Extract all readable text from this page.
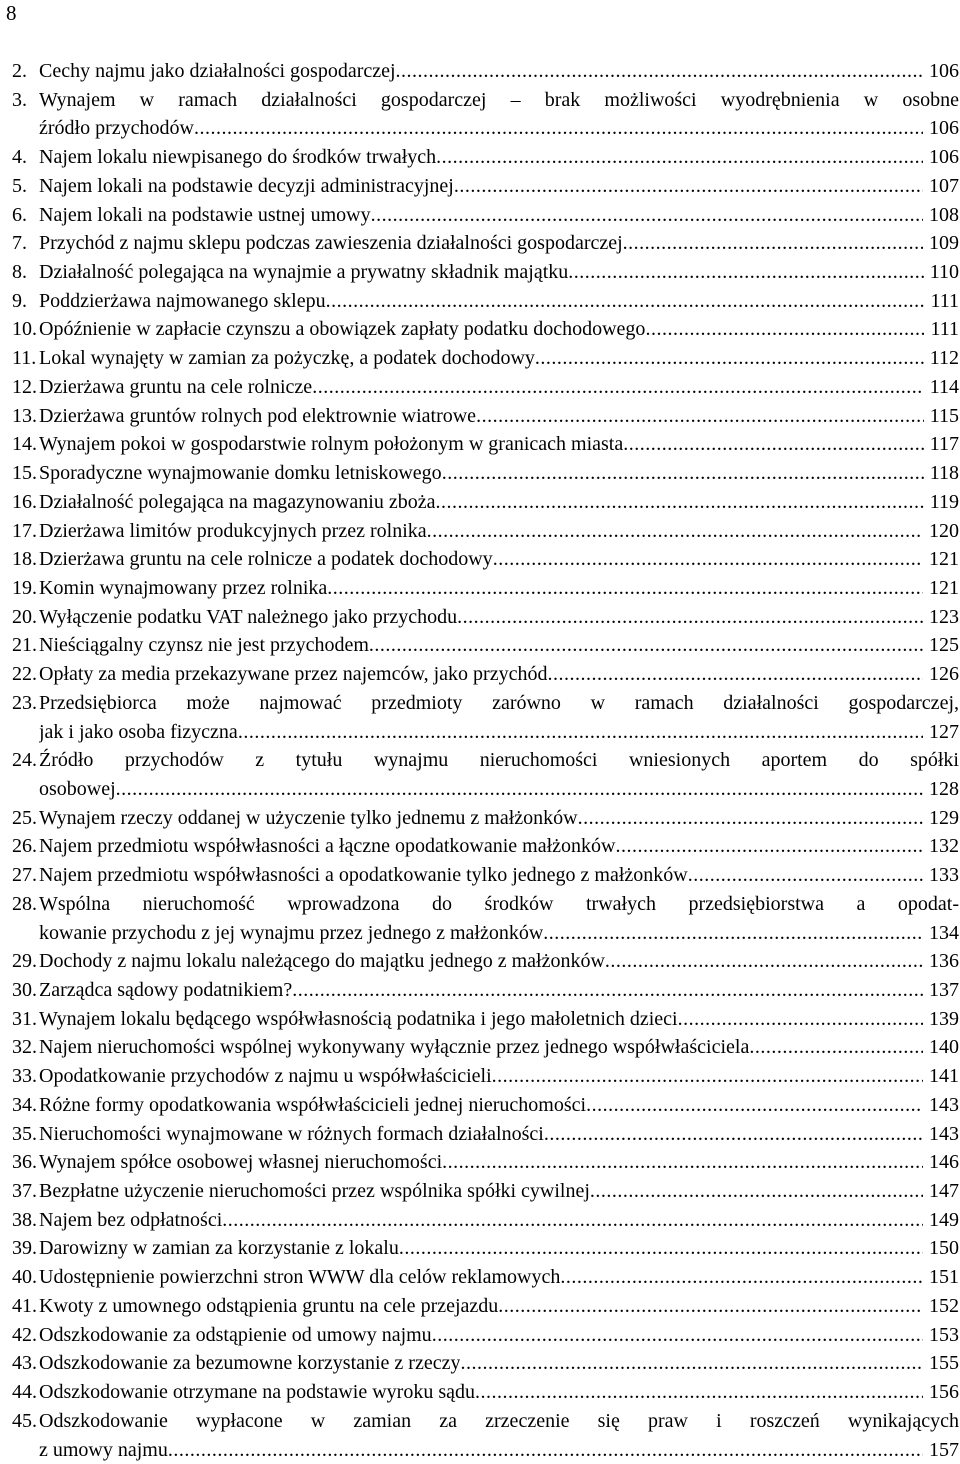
8
2. Cechy najmu jako działalności gospodarczej .....	106
3. Wynajem w ramach działalności gospodarczej – brak możliwości wyodrębnienia w osobne
źródło przychodów .....	106
4. Najem lokalu niewpisanego do środków trwałych .....	106
5. Najem lokali na podstawie decyzji administracyjnej .....	107
6. Najem lokali na podstawie ustnej umowy .....	108
7. Przychód z najmu sklepu podczas zawieszenia działalności gospodarczej .....	109
8. Działalność polegająca na wynajmie a prywatny składnik majątku .....	110
9. Poddzierżawa najmowanego sklepu .....	111
10. Opóźnienie w zapłacie czynszu a obowiązek zapłaty podatku dochodowego .....	111
11. Lokal wynajęty w zamian za pożyczkę, a podatek dochodowy .....	112
12. Dzierżawa gruntu na cele rolnicze .....	114
13. Dzierżawa gruntów rolnych pod elektrownie wiatrowe .....	115
14. Wynajem pokoi w gospodarstwie rolnym położonym w granicach miasta .....	117
15. Sporadyczne wynajmowanie domku letniskowego .....	118
16. Działalność polegająca na magazynowaniu zboża .....	119
17. Dzierżawa limitów produkcyjnych przez rolnika .....	120
18. Dzierżawa gruntu na cele rolnicze a podatek dochodowy .....	121
19. Komin wynajmowany przez rolnika .....	121
20. Wyłączenie podatku VAT należnego jako przychodu .....	123
21. Nieściągalny czynsz nie jest przychodem .....	125
22. Opłaty za media przekazywane przez najemców, jako przychód .....	126
23. Przedsiębiorca może najmować przedmioty zarówno w ramach działalności gospodarczej,
jak i jako osoba fizyczna .....	127
24. Źródło przychodów z tytułu wynajmu nieruchomości wniesionych aportem do spółki
osobowej .....	128
25. Wynajem rzeczy oddanej w użyczenie tylko jednemu z małżonków .....	129
26. Najem przedmiotu współwłasności a łączne opodatkowanie małżonków .....	132
27. Najem przedmiotu współwłasności a opodatkowanie tylko jednego z małżonków .....	133
28. Wspólna nieruchomość wprowadzona do środków trwałych przedsiębiorstwa a opodat-
kowanie przychodu z jej wynajmu przez jednego z małżonków .....	134
29. Dochody z najmu lokalu należącego do majątku jednego z małżonków .....	136
30. Zarządca sądowy podatnikiem? .....	137
31. Wynajem lokalu będącego współwłasnością podatnika i jego małoletnich dzieci .....	139
32. Najem nieruchomości wspólnej wykonywany wyłącznie przez jednego współwłaściciela .....	140
33. Opodatkowanie przychodów z najmu u współwłaścicieli .....	141
34. Różne formy opodatkowania współwłaścicieli jednej nieruchomości .....	143
35. Nieruchomości wynajmowane w różnych formach działalności .....	143
36. Wynajem spółce osobowej własnej nieruchomości .....	146
37. Bezpłatne użyczenie nieruchomości przez wspólnika spółki cywilnej .....	147
38. Najem bez odpłatności .....	149
39. Darowizny w zamian za korzystanie z lokalu .....	150
40. Udostępnienie powierzchni stron WWW dla celów reklamowych .....	151
41. Kwoty z umownego odstąpienia gruntu na cele przejazdu .....	152
42. Odszkodowanie za odstąpienie od umowy najmu .....	153
43. Odszkodowanie za bezumowne korzystanie z rzeczy .....	155
44. Odszkodowanie otrzymane na podstawie wyroku sądu .....	156
45. Odszkodowanie wypłacone w zamian za zrzeczenie się praw i roszczeń wynikających
z umowy najmu .....	157
